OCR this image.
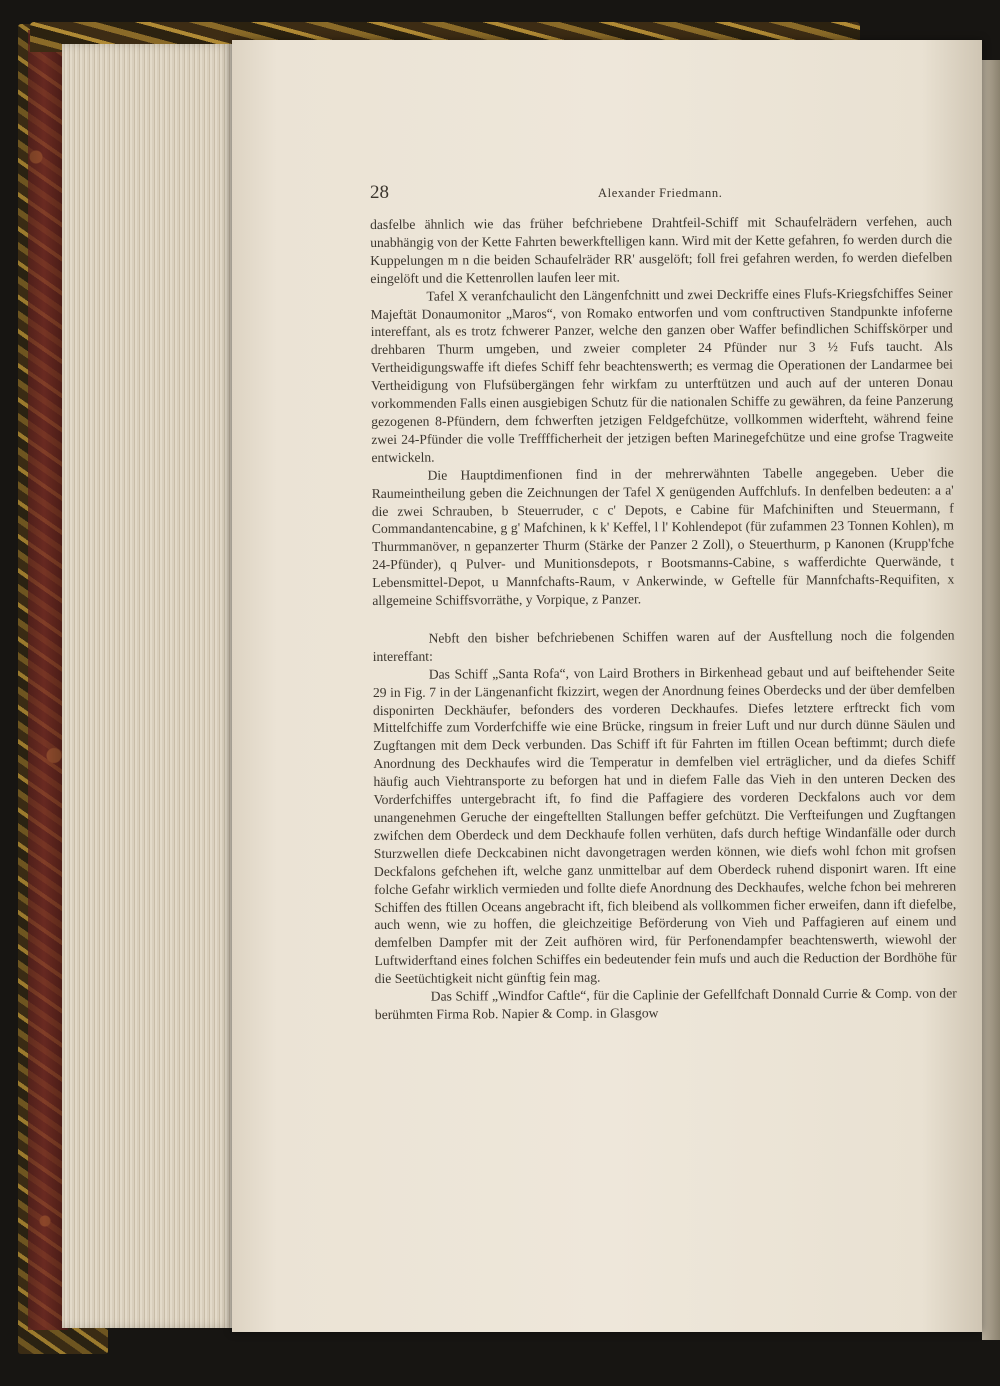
28	Alexander Friedmann.

dasfelbe ähnlich wie das früher befchriebene Drahtfeil-Schiff mit Schaufelrädern verfehen, auch unabhängig von der Kette Fahrten bewerkftelligen kann. Wird mit der Kette gefahren, fo werden durch die Kuppelungen m n die beiden Schaufelräder RR' ausgelöft; foll frei gefahren werden, fo werden diefelben eingelöft und die Kettenrollen laufen leer mit.

Tafel X veranfchaulicht den Längenfchnitt und zwei Deckriffe eines Flufs-Kriegsfchiffes Seiner Majeftät Donaumonitor „Maros“, von Romako entworfen und vom conftructiven Standpunkte infoferne intereffant, als es trotz fchwerer Panzer, welche den ganzen ober Waffer befindlichen Schiffskörper und drehbaren Thurm umgeben, und zweier completer 24 Pfünder nur 3 ½ Fufs taucht. Als Vertheidigungswaffe ift diefes Schiff fehr beachtenswerth; es vermag die Operationen der Landarmee bei Vertheidigung von Flufsübergängen fehr wirkfam zu unterftützen und auch auf der unteren Donau vorkommenden Falls einen ausgiebigen Schutz für die nationalen Schiffe zu gewähren, da feine Panzerung gezogenen 8-Pfündern, dem fchwerften jetzigen Feldgefchütze, vollkommen widerfteht, während feine zwei 24-Pfünder die volle Trefffficherheit der jetzigen beften Marinegefchütze und eine grofse Tragweite entwickeln.

Die Hauptdimenfionen find in der mehrerwähnten Tabelle angegeben. Ueber die Raumeintheilung geben die Zeichnungen der Tafel X genügenden Auffchlufs. In denfelben bedeuten: a a' die zwei Schrauben, b Steuerruder, c c' Depots, e Cabine für Mafchiniften und Steuermann, f Commandantencabine, g g' Mafchinen, k k' Keffel, l l' Kohlendepot (für zufammen 23 Tonnen Kohlen), m Thurmmanöver, n gepanzerter Thurm (Stärke der Panzer 2 Zoll), o Steuerthurm, p Kanonen (Krupp'fche 24-Pfünder), q Pulver- und Munitionsdepots, r Bootsmanns-Cabine, s wafferdichte Querwände, t Lebensmittel-Depot, u Mannfchafts-Raum, v Ankerwinde, w Geftelle für Mannfchafts-Requifiten, x allgemeine Schiffsvorräthe, y Vorpique, z Panzer.

Nebft den bisher befchriebenen Schiffen waren auf der Ausftellung noch die folgenden intereffant:

Das Schiff „Santa Rofa“, von Laird Brothers in Birkenhead gebaut und auf beiftehender Seite 29 in Fig. 7 in der Längenanficht fkizzirt, wegen der Anordnung feines Oberdecks und der über demfelben disponirten Deckhäufer, befonders des vorderen Deckhaufes. Diefes letztere erftreckt fich vom Mittelfchiffe zum Vorderfchiffe wie eine Brücke, ringsum in freier Luft und nur durch dünne Säulen und Zugftangen mit dem Deck verbunden. Das Schiff ift für Fahrten im ftillen Ocean beftimmt; durch diefe Anordnung des Deckhaufes wird die Temperatur in demfelben viel erträglicher, und da diefes Schiff häufig auch Viehtransporte zu beforgen hat und in diefem Falle das Vieh in den unteren Decken des Vorderfchiffes untergebracht ift, fo find die Paffagiere des vorderen Deckfalons auch vor dem unangenehmen Geruche der eingeftellten Stallungen beffer gefchützt. Die Verfteifungen und Zugftangen zwifchen dem Oberdeck und dem Deckhaufe follen verhüten, dafs durch heftige Windanfälle oder durch Sturzwellen diefe Deckcabinen nicht davongetragen werden können, wie diefs wohl fchon mit grofsen Deckfalons gefchehen ift, welche ganz unmittelbar auf dem Oberdeck ruhend disponirt waren. Ift eine folche Gefahr wirklich vermieden und follte diefe Anordnung des Deckhaufes, welche fchon bei mehreren Schiffen des ftillen Oceans angebracht ift, fich bleibend als vollkommen ficher erweifen, dann ift diefelbe, auch wenn, wie zu hoffen, die gleichzeitige Beförderung von Vieh und Paffagieren auf einem und demfelben Dampfer mit der Zeit aufhören wird, für Perfonendampfer beachtenswerth, wiewohl der Luftwiderftand eines folchen Schiffes ein bedeutender fein mufs und auch die Reduction der Bordhöhe für die Seetüchtigkeit nicht günftig fein mag.

Das Schiff „Windfor Caftle“, für die Caplinie der Gefellfchaft Donnald Currie & Comp. von der berühmten Firma Rob. Napier & Comp. in Glasgow
